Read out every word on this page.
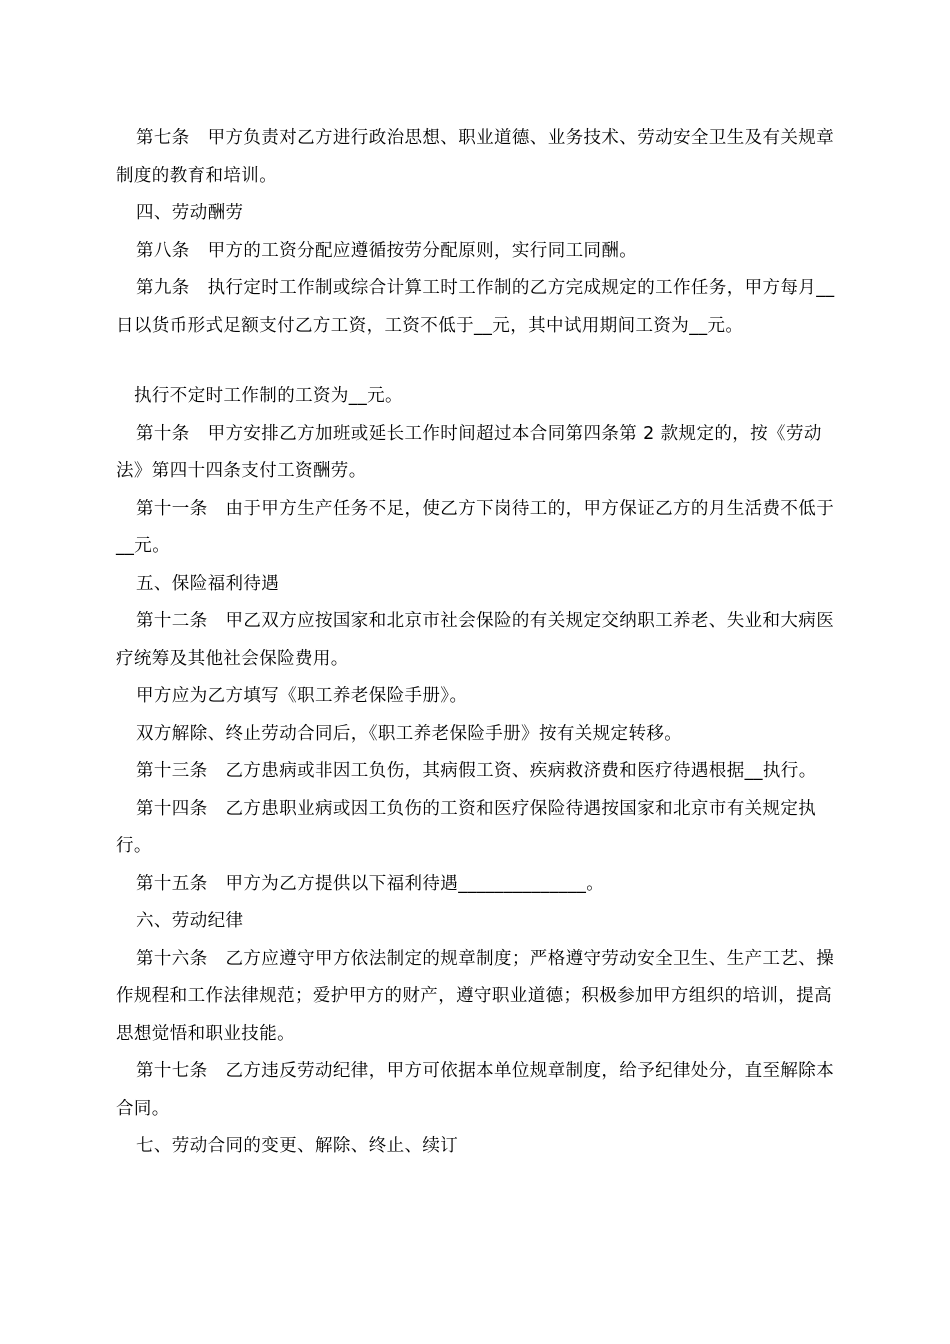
第七条　甲方负责对乙方进行政治思想、职业道德、业务技术、劳动安全卫生及有关规章制度的教育和培训。

四、劳动酬劳

第八条　甲方的工资分配应遵循按劳分配原则，实行同工同酬。

第九条　执行定时工作制或综合计算工时工作制的乙方完成规定的工作任务，甲方每月__日以货币形式足额支付乙方工资，工资不低于__元，其中试用期间工资为__元。

执行不定时工作制的工资为__元。

第十条　甲方安排乙方加班或延长工作时间超过本合同第四条第 2 款规定的，按《劳动法》第四十四条支付工资酬劳。

第十一条　由于甲方生产任务不足，使乙方下岗待工的，甲方保证乙方的月生活费不低于__元。

五、保险福利待遇

第十二条　甲乙双方应按国家和北京市社会保险的有关规定交纳职工养老、失业和大病医疗统筹及其他社会保险费用。

甲方应为乙方填写《职工养老保险手册》。

双方解除、终止劳动合同后，《职工养老保险手册》按有关规定转移。

第十三条　乙方患病或非因工负伤，其病假工资、疾病救济费和医疗待遇根据__执行。

第十四条　乙方患职业病或因工负伤的工资和医疗保险待遇按国家和北京市有关规定执行。

第十五条　甲方为乙方提供以下福利待遇______________。

六、劳动纪律

第十六条　乙方应遵守甲方依法制定的规章制度；严格遵守劳动安全卫生、生产工艺、操作规程和工作法律规范；爱护甲方的财产，遵守职业道德；积极参加甲方组织的培训，提高思想觉悟和职业技能。

第十七条　乙方违反劳动纪律，甲方可依据本单位规章制度，给予纪律处分，直至解除本合同。

七、劳动合同的变更、解除、终止、续订
